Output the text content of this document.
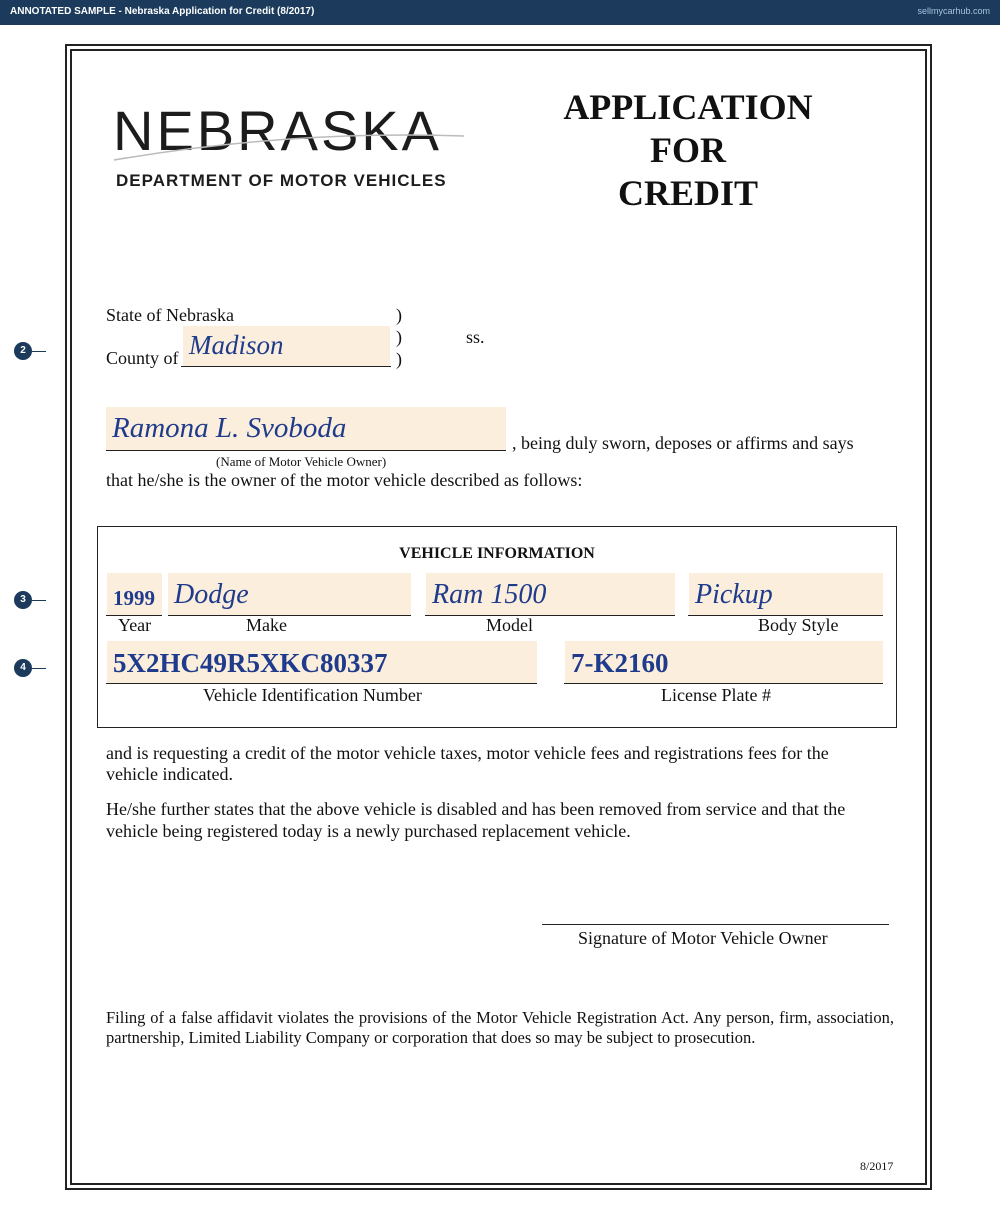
ANNOTATED SAMPLE - Nebraska Application for Credit (8/2017)	sellmycarhub.com
NEBRASKA
DEPARTMENT OF MOTOR VEHICLES
APPLICATION
FOR
CREDIT
State of Nebraska	)
)
)
ss.
County of Madison
Ramona L. Svoboda	, being duly sworn, deposes or affirms and says
(Name of Motor Vehicle Owner)
that he/she is the owner of the motor vehicle described as follows:
VEHICLE INFORMATION
1999 Dodge	Ram 1500	Pickup
Year	Make	Model	Body Style
5X2HC49R5XKC80337	7-K2160
Vehicle Identification Number	License Plate #
and is requesting a credit of the motor vehicle taxes, motor vehicle fees and registrations fees for the
vehicle indicated.
He/she further states that the above vehicle is disabled and has been removed from service and that the
vehicle being registered today is a newly purchased replacement vehicle.
Signature of Motor Vehicle Owner
Filing of a false affidavit violates the provisions of the Motor Vehicle Registration Act. Any person, firm, association, partnership, Limited Liability Company or corporation that does so may be subject to prosecution.
8/2017
2
3
4
